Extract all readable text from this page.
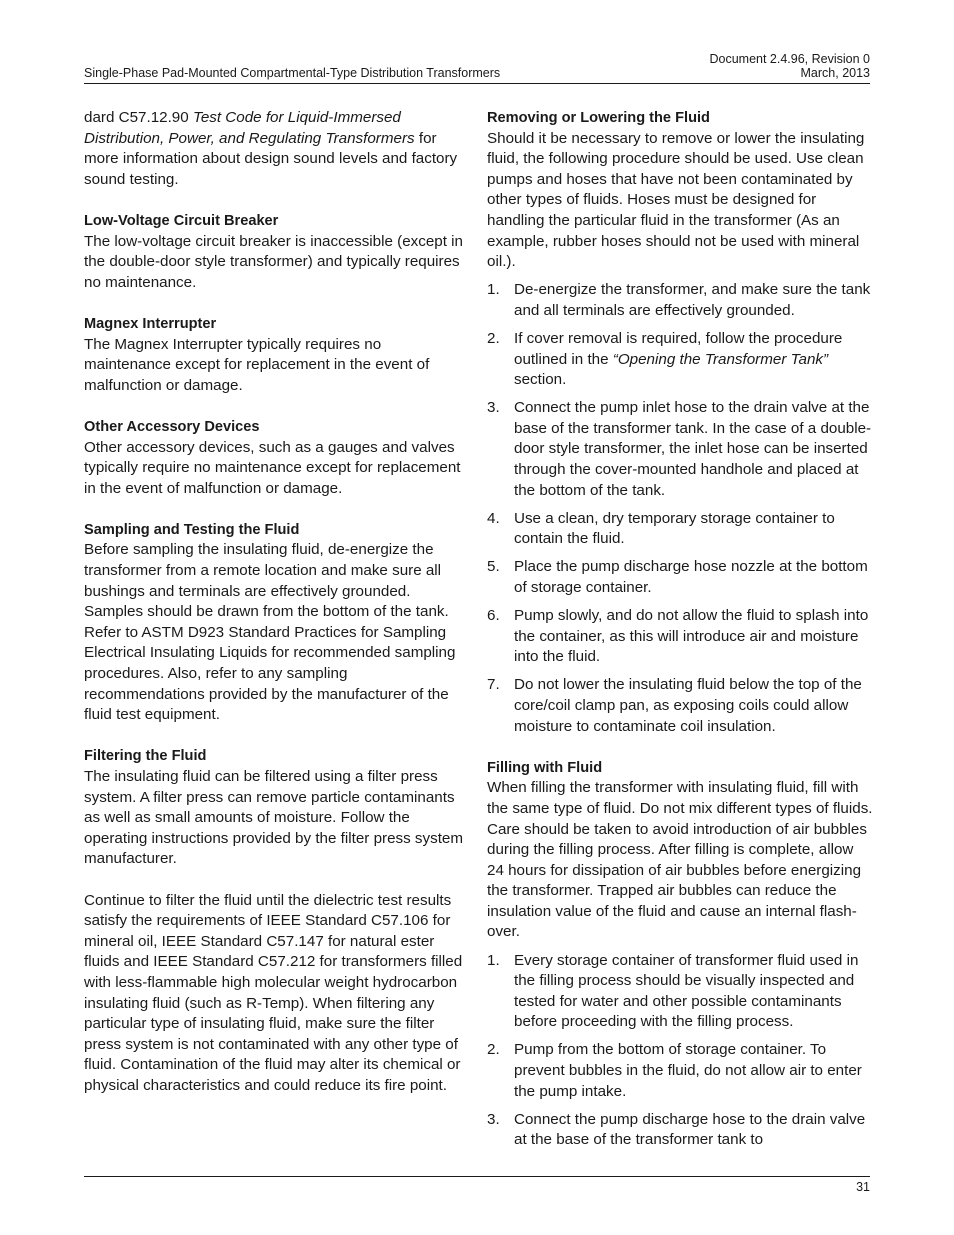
Single-Phase Pad-Mounted Compartmental-Type Distribution Transformers
Document 2.4.96, Revision 0
March, 2013

dard C57.12.90 Test Code for Liquid-Immersed Distribution, Power, and Regulating Transformers for more information about design sound levels and factory sound testing.

Low-Voltage Circuit Breaker

The low-voltage circuit breaker is inaccessible (except in the double-door style transformer) and typically requires no maintenance.

Magnex Interrupter

The Magnex Interrupter typically requires no maintenance except for replacement in the event of malfunction or damage.

Other Accessory Devices

Other accessory devices, such as a gauges and valves typically require no maintenance except for replacement in the event of malfunction or damage.

Sampling and Testing the Fluid

Before sampling the insulating fluid, de-energize the transformer from a remote location and make sure all bushings and terminals are effectively grounded. Samples should be drawn from the bottom of the tank. Refer to ASTM D923 Standard Practices for Sampling Electrical Insulating Liquids for recommended sampling procedures. Also, refer to any sampling recommendations provided by the manufacturer of the fluid test equipment.

Filtering the Fluid

The insulating fluid can be filtered using a filter press system. A filter press can remove particle contaminants as well as small amounts of moisture. Follow the operating instructions provided by the filter press system manufacturer.

Continue to filter the fluid until the dielectric test results satisfy the requirements of IEEE Standard C57.106 for mineral oil, IEEE Standard C57.147 for natural ester fluids and IEEE Standard C57.212 for transformers filled with less-flammable high molecular weight hydrocarbon insulating fluid (such as R-Temp). When filtering any particular type of insulating fluid, make sure the filter press system is not contaminated with any other type of fluid. Contamination of the fluid may alter its chemical or physical characteristics and could reduce its fire point.

Removing or Lowering the Fluid

Should it be necessary to remove or lower the insulating fluid, the following procedure should be used. Use clean pumps and hoses that have not been contaminated by other types of fluids. Hoses must be designed for handling the particular fluid in the transformer (As an example, rubber hoses should not be used with mineral oil.).

1. De-energize the transformer, and make sure the tank and all terminals are effectively grounded.
2. If cover removal is required, follow the procedure outlined in the “Opening the Transformer Tank” section.
3. Connect the pump inlet hose to the drain valve at the base of the transformer tank. In the case of a double-door style transformer, the inlet hose can be inserted through the cover-mounted handhole and placed at the bottom of the tank.
4. Use a clean, dry temporary storage container to contain the fluid.
5. Place the pump discharge hose nozzle at the bottom of storage container.
6. Pump slowly, and do not allow the fluid to splash into the container, as this will introduce air and moisture into the fluid.
7. Do not lower the insulating fluid below the top of the core/coil clamp pan, as exposing coils could allow moisture to contaminate coil insulation.
Filling with Fluid

When filling the transformer with insulating fluid, fill with the same type of fluid. Do not mix different types of fluids. Care should be taken to avoid introduction of air bubbles during the filling process. After filling is complete, allow 24 hours for dissipation of air bubbles before energizing the transformer. Trapped air bubbles can reduce the insulation value of the fluid and cause an internal flash-over.

1. Every storage container of transformer fluid used in the filling process should be visually inspected and tested for water and other possible contaminants before proceeding with the filling process.
2. Pump from the bottom of storage container. To prevent bubbles in the fluid, do not allow air to enter the pump intake.
3. Connect the pump discharge hose to the drain valve at the base of the transformer tank to
31
